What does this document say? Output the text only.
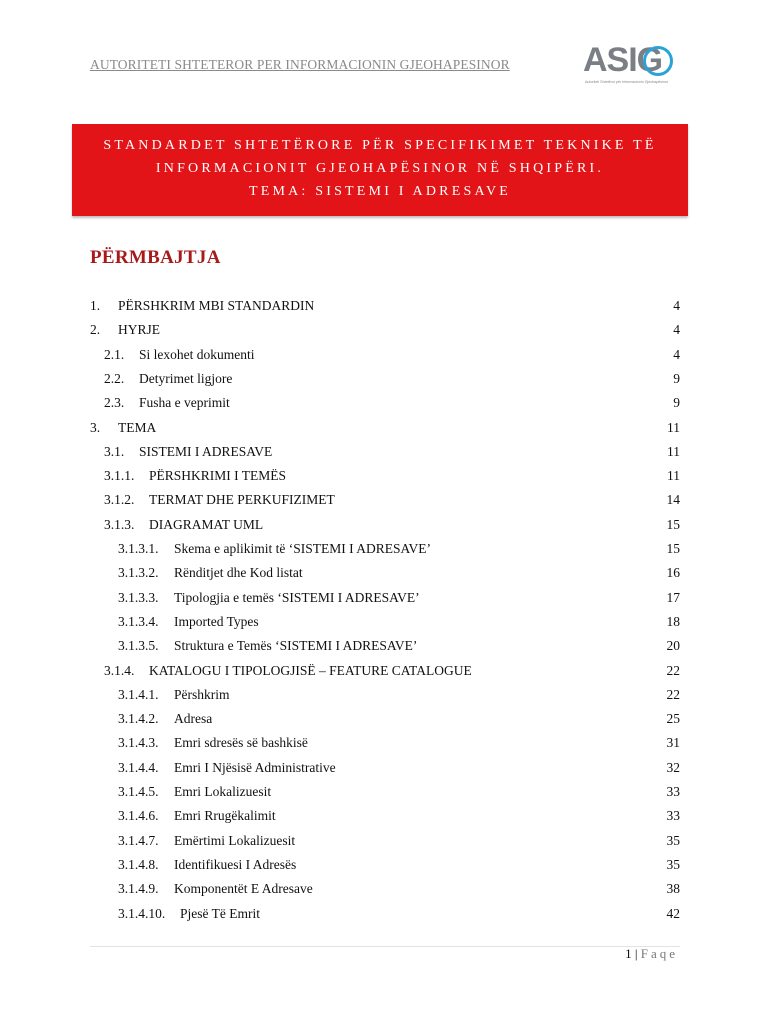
AUTORITETI SHTETEROR PER INFORMACIONIN GJEOHAPESINOR ASIG
Autoriteti Shtetëror për Informacionin Gjeohapësinor
STANDARDET SHTETËRORE PËR SPECIFIKIMET TEKNIKE TË
INFORMACIONIT GJEOHAPËSINOR NË SHQIPËRI.
TEMA: SISTEMI I ADRESAVE
PËRMBAJTJA
1. PËRSHKRIM MBI STANDARDIN	4
2. HYRJE	4
2.1. Si lexohet dokumenti	4
2.2. Detyrimet ligjore	9
2.3. Fusha e veprimit	9
3. TEMA	11
3.1. SISTEMI I ADRESAVE	11
3.1.1. PËRSHKRIMI I TEMËS	11
3.1.2. TERMAT DHE PERKUFIZIMET	14
3.1.3. DIAGRAMAT UML	15
3.1.3.1. Skema e aplikimit të ‘SISTEMI I ADRESAVE’	15
3.1.3.2. Rënditjet dhe Kod listat	16
3.1.3.3. Tipologjia e temës ‘SISTEMI I ADRESAVE’	17
3.1.3.4. Imported Types	18
3.1.3.5. Struktura e Temës ‘SISTEMI I ADRESAVE’	20
3.1.4. KATALOGU I TIPOLOGJISË – FEATURE CATALOGUE	22
3.1.4.1. Përshkrim	22
3.1.4.2. Adresa	25
3.1.4.3. Emri sdresës së bashkisë	31
3.1.4.4. Emri I Njësisë Administrative	32
3.1.4.5. Emri Lokalizuesit	33
3.1.4.6. Emri Rrugëkalimit	33
3.1.4.7. Emërtimi Lokalizuesit	35
3.1.4.8. Identifikuesi I Adresës	35
3.1.4.9. Komponentët E Adresave	38
3.1.4.10. Pjesë Të Emrit	42
1 | Faqe
